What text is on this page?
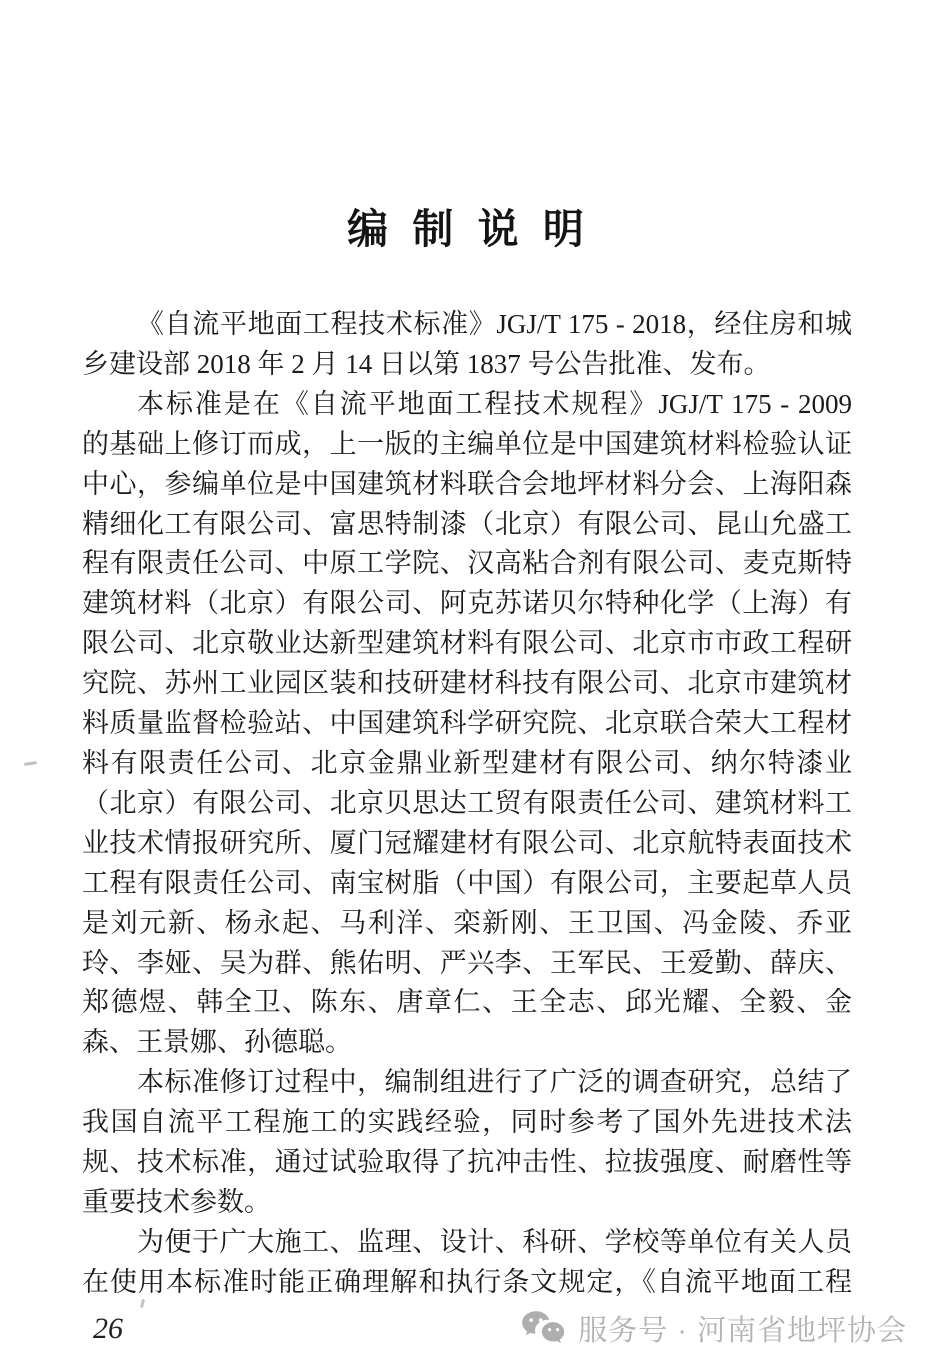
编 制 说 明
《自流平地面工程技术标准》JGJ/T 175 - 2018，经住房和城
乡建设部 2018 年 2 月 14 日以第 1837 号公告批准、发布。
本标准是在《自流平地面工程技术规程》JGJ/T 175 - 2009
的基础上修订而成，上一版的主编单位是中国建筑材料检验认证
中心，参编单位是中国建筑材料联合会地坪材料分会、上海阳森
精细化工有限公司、富思特制漆（北京）有限公司、昆山允盛工
程有限责任公司、中原工学院、汉高粘合剂有限公司、麦克斯特
建筑材料（北京）有限公司、阿克苏诺贝尔特种化学（上海）有
限公司、北京敬业达新型建筑材料有限公司、北京市市政工程研
究院、苏州工业园区装和技研建材科技有限公司、北京市建筑材
料质量监督检验站、中国建筑科学研究院、北京联合荣大工程材
料有限责任公司、北京金鼎业新型建材有限公司、纳尔特漆业
（北京）有限公司、北京贝思达工贸有限责任公司、建筑材料工
业技术情报研究所、厦门冠耀建材有限公司、北京航特表面技术
工程有限责任公司、南宝树脂（中国）有限公司，主要起草人员
是刘元新、杨永起、马利洋、栾新刚、王卫国、冯金陵、乔亚
玲、李娅、吴为群、熊佑明、严兴李、王军民、王爱勤、薛庆、
郑德煜、韩全卫、陈东、唐章仁、王全志、邱光耀、全毅、金
森、王景娜、孙德聪。
本标准修订过程中，编制组进行了广泛的调查研究，总结了
我国自流平工程施工的实践经验，同时参考了国外先进技术法
规、技术标准，通过试验取得了抗冲击性、拉拔强度、耐磨性等
重要技术参数。
为便于广大施工、监理、设计、科研、学校等单位有关人员
在使用本标准时能正确理解和执行条文规定，《自流平地面工程
26	服务号 · 河南省地坪协会
